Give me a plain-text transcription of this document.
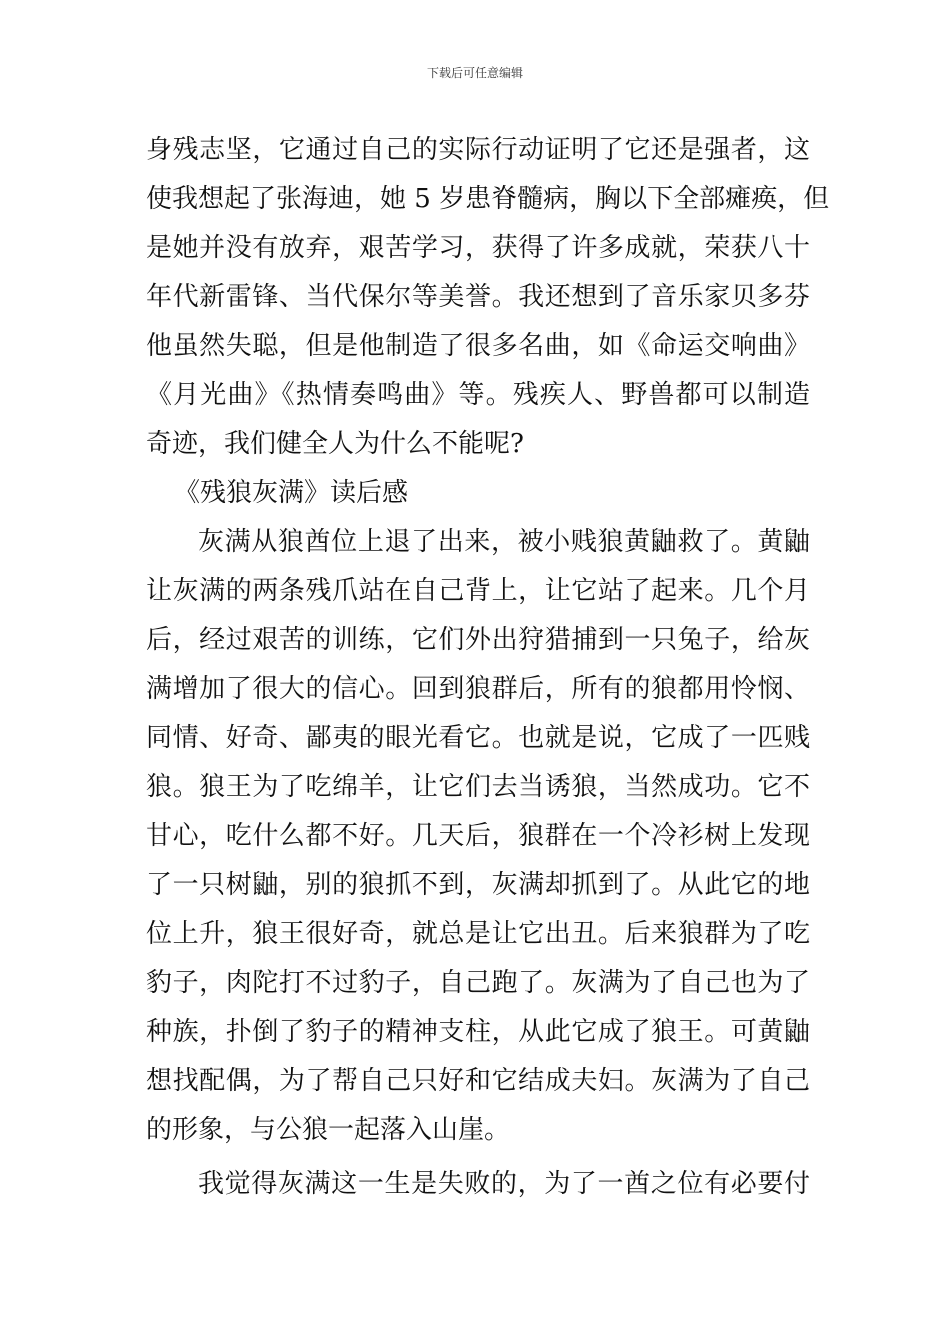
下载后可任意编辑
身残志坚，它通过自己的实际行动证明了它还是强者，这
使我想起了张海迪，她 5 岁患脊髓病，胸以下全部瘫痪，但
是她并没有放弃，艰苦学习，获得了许多成就，荣获八十
年代新雷锋、当代保尔等美誉。我还想到了音乐家贝多芬
他虽然失聪，但是他制造了很多名曲，如《命运交响曲》
《月光曲》《热情奏鸣曲》等。残疾人、野兽都可以制造
奇迹，我们健全人为什么不能呢?
《残狼灰满》读后感
灰满从狼酋位上退了出来，被小贱狼黄鼬救了。黄鼬
让灰满的两条残爪站在自己背上，让它站了起来。几个月
后，经过艰苦的训练，它们外出狩猎捕到一只兔子，给灰
满增加了很大的信心。回到狼群后，所有的狼都用怜悯、
同情、好奇、鄙夷的眼光看它。也就是说，它成了一匹贱
狼。狼王为了吃绵羊，让它们去当诱狼，当然成功。它不
甘心，吃什么都不好。几天后，狼群在一个冷衫树上发现
了一只树鼬，别的狼抓不到，灰满却抓到了。从此它的地
位上升，狼王很好奇，就总是让它出丑。后来狼群为了吃
豹子，肉陀打不过豹子，自己跑了。灰满为了自己也为了
种族，扑倒了豹子的精神支柱，从此它成了狼王。可黄鼬
想找配偶，为了帮自己只好和它结成夫妇。灰满为了自己
的形象，与公狼一起落入山崖。
我觉得灰满这一生是失败的，为了一酋之位有必要付
